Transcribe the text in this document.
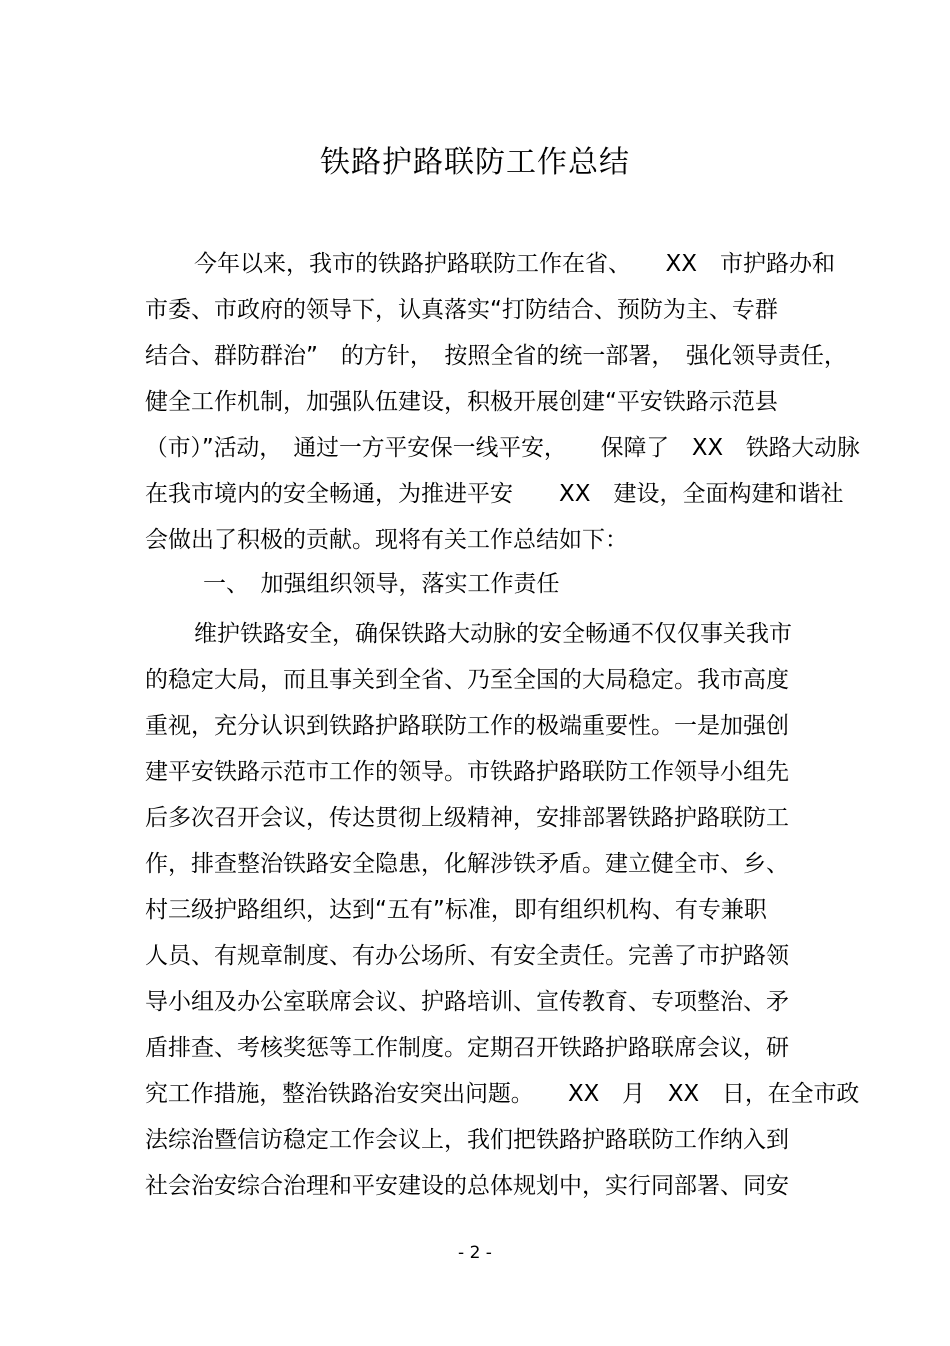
铁路护路联防工作总结
今年以来，我市的铁路护路联防工作在省、　　XX　市护路办和
市委、市政府的领导下，认真落实“打防结合、预防为主、专群
结合、群防群治”　的方针，　按照全省的统一部署，　强化领导责任，
健全工作机制，加强队伍建设，积极开展创建“平安铁路示范县
（市）”活动，　通过一方平安保一线平安，　　保障了　XX　铁路大动脉
在我市境内的安全畅通，为推进平安　　XX　建设，全面构建和谐社
会做出了积极的贡献。现将有关工作总结如下：
一、　加强组织领导，落实工作责任
维护铁路安全，确保铁路大动脉的安全畅通不仅仅事关我市
的稳定大局，而且事关到全省、乃至全国的大局稳定。我市高度
重视，充分认识到铁路护路联防工作的极端重要性。一是加强创
建平安铁路示范市工作的领导。市铁路护路联防工作领导小组先
后多次召开会议，传达贯彻上级精神，安排部署铁路护路联防工
作，排查整治铁路安全隐患，化解涉铁矛盾。建立健全市、乡、
村三级护路组织，达到“五有”标准，即有组织机构、有专兼职
人员、有规章制度、有办公场所、有安全责任。完善了市护路领
导小组及办公室联席会议、护路培训、宣传教育、专项整治、矛
盾排查、考核奖惩等工作制度。定期召开铁路护路联席会议，研
究工作措施，整治铁路治安突出问题。　　XX　月　XX　日，在全市政
法综治暨信访稳定工作会议上，我们把铁路护路联防工作纳入到
社会治安综合治理和平安建设的总体规划中，实行同部署、同安
- 2 -
